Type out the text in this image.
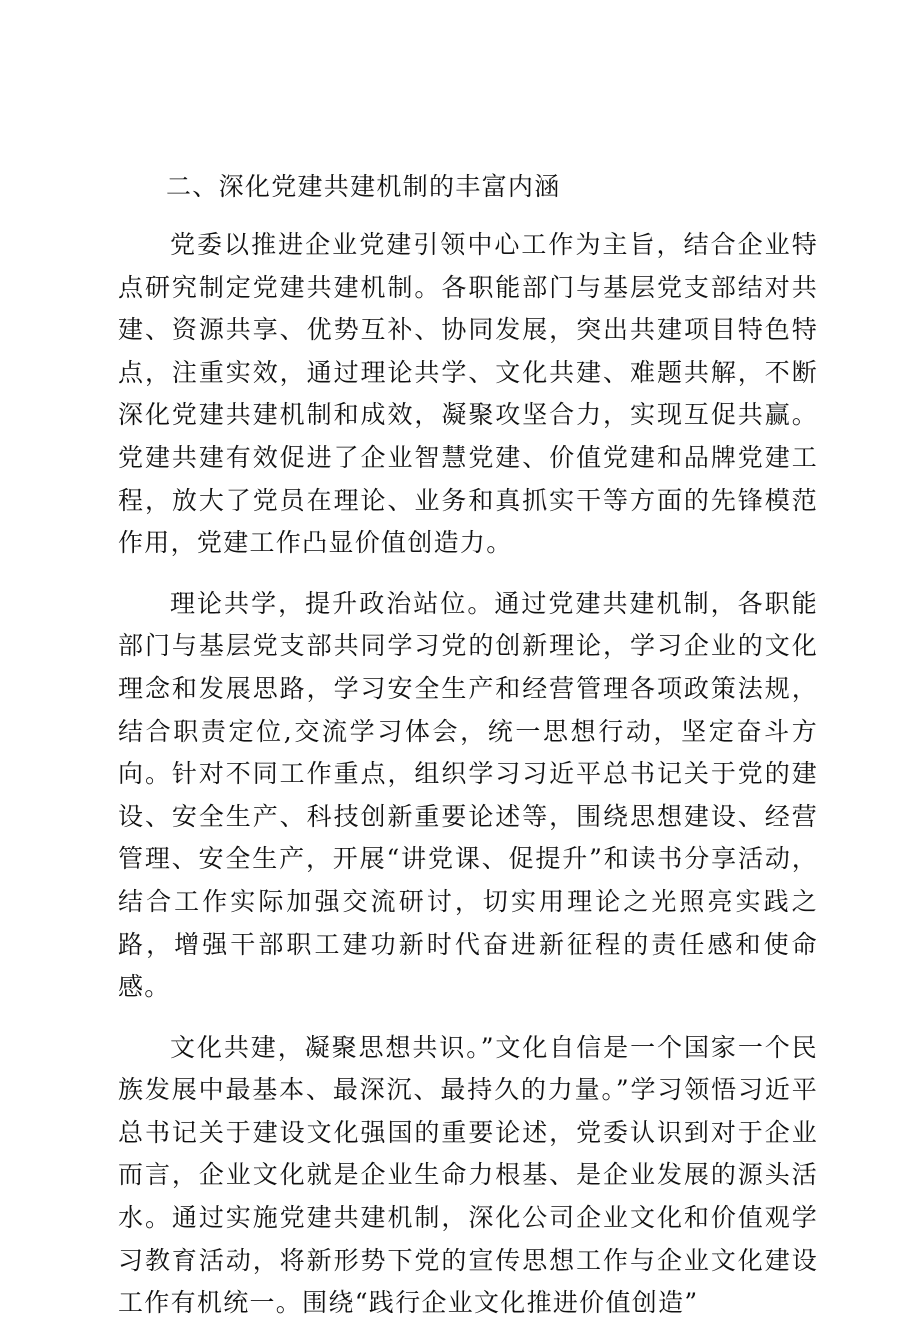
二、深化党建共建机制的丰富内涵

党委以推进企业党建引领中心工作为主旨，结合企业特点研究制定党建共建机制。各职能部门与基层党支部结对共建、资源共享、优势互补、协同发展，突出共建项目特色特点，注重实效，通过理论共学、文化共建、难题共解，不断深化党建共建机制和成效，凝聚攻坚合力，实现互促共赢。党建共建有效促进了企业智慧党建、价值党建和品牌党建工程，放大了党员在理论、业务和真抓实干等方面的先锋模范作用，党建工作凸显价值创造力。

理论共学，提升政治站位。通过党建共建机制，各职能部门与基层党支部共同学习党的创新理论，学习企业的文化理念和发展思路，学习安全生产和经营管理各项政策法规，结合职责定位,交流学习体会，统一思想行动，坚定奋斗方向。针对不同工作重点，组织学习习近平总书记关于党的建设、安全生产、科技创新重要论述等，围绕思想建设、经营管理、安全生产，开展“讲党课、促提升”和读书分享活动，结合工作实际加强交流研讨，切实用理论之光照亮实践之路，增强干部职工建功新时代奋进新征程的责任感和使命感。

文化共建，凝聚思想共识。”文化自信是一个国家一个民族发展中最基本、最深沉、最持久的力量。”学习领悟习近平总书记关于建设文化强国的重要论述，党委认识到对于企业而言，企业文化就是企业生命力根基、是企业发展的源头活水。通过实施党建共建机制，深化公司企业文化和价值观学习教育活动，将新形势下党的宣传思想工作与企业文化建设工作有机统一。围绕“践行企业文化推进价值创造”
